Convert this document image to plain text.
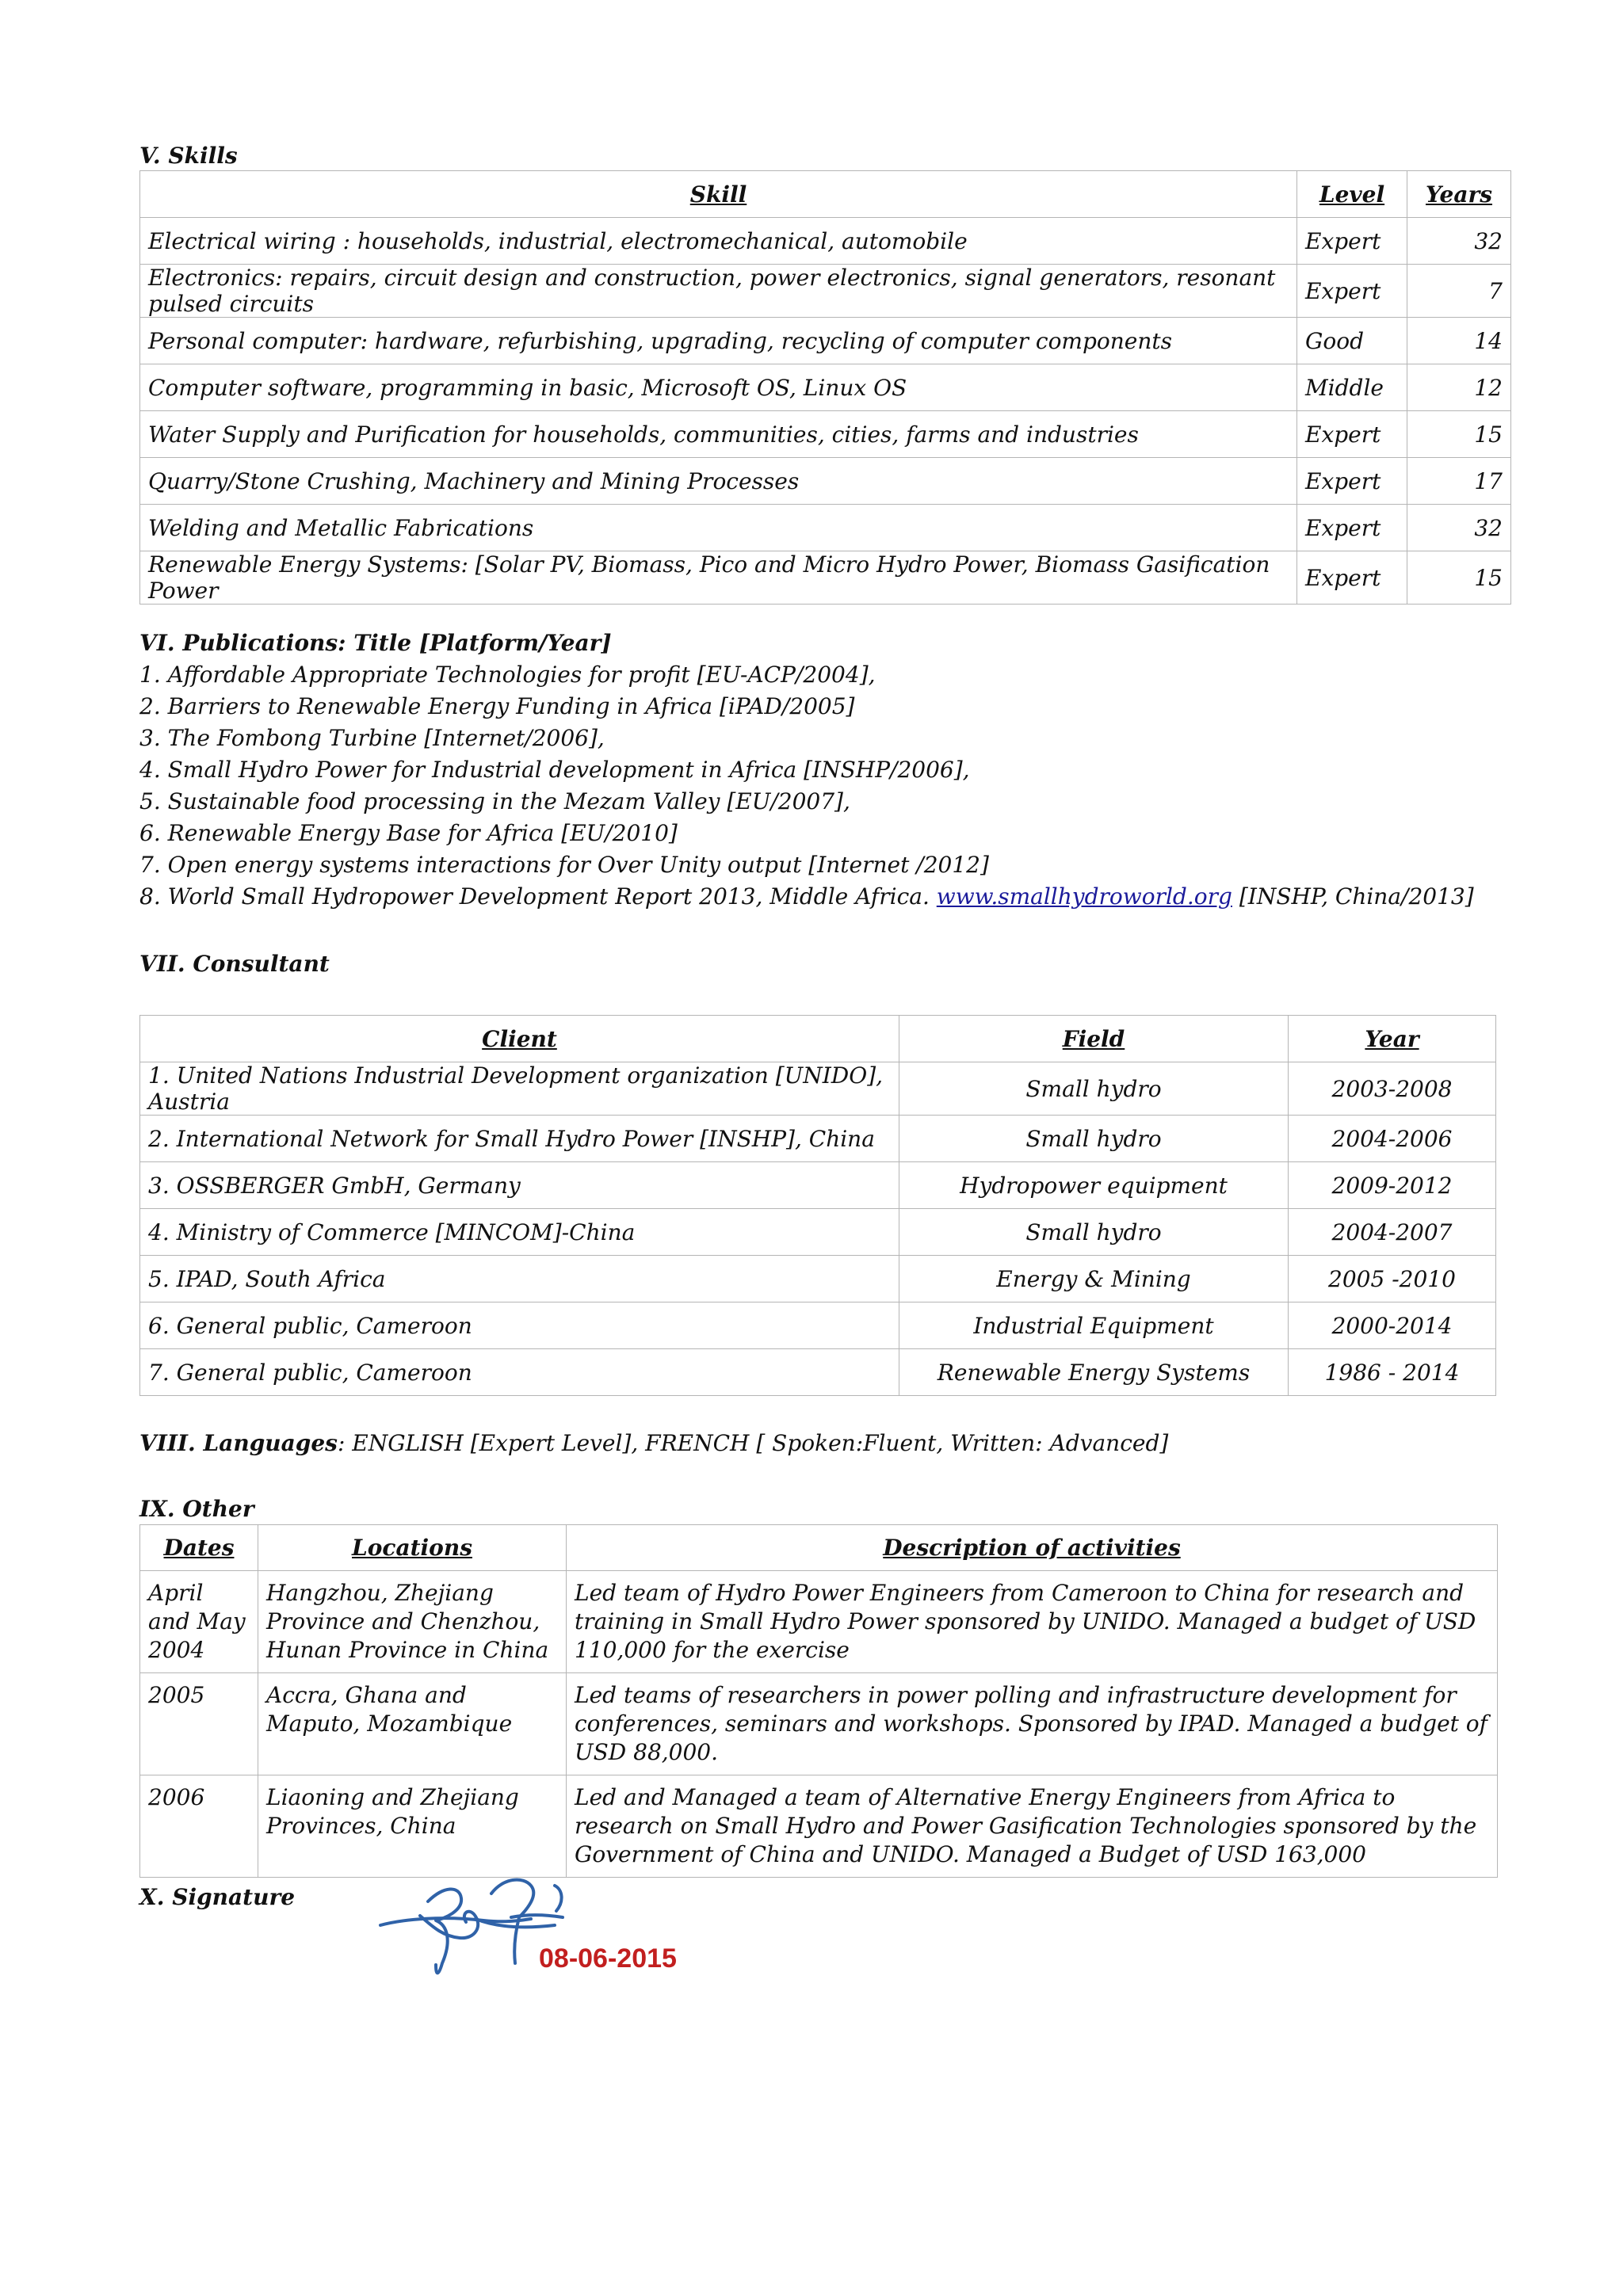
V. Skills
Skill	Level	Years
Electrical wiring : households, industrial, electromechanical, automobile	Expert	32
Electronics: repairs, circuit design and construction, power electronics, signal generators, resonant pulsed circuits	Expert	7
Personal computer: hardware, refurbishing, upgrading, recycling of computer components	Good	14
Computer software, programming in basic, Microsoft OS, Linux OS	Middle	12
Water Supply and Purification for households, communities, cities, farms and industries	Expert	15
Quarry/Stone Crushing, Machinery and Mining Processes	Expert	17
Welding and Metallic Fabrications	Expert	32
Renewable Energy Systems: [Solar PV, Biomass, Pico and Micro Hydro Power, Biomass Gasification Power	Expert	15
VI. Publications: Title [Platform/Year]
1. Affordable Appropriate Technologies for profit [EU-ACP/2004],
2. Barriers to Renewable Energy Funding in Africa [iPAD/2005]
3. The Fombong Turbine [Internet/2006],
4. Small Hydro Power for Industrial development in Africa [INSHP/2006],
5. Sustainable food processing in the Mezam Valley [EU/2007],
6. Renewable Energy Base for Africa [EU/2010]
7. Open energy systems interactions for Over Unity output [Internet /2012]
8. World Small Hydropower Development Report 2013, Middle Africa. www.smallhydroworld.org [INSHP, China/2013]
VII. Consultant
Client	Field	Year
1. United Nations Industrial Development organization [UNIDO], Austria	Small hydro	2003-2008
2. International Network for Small Hydro Power [INSHP], China	Small hydro	2004-2006
3. OSSBERGER GmbH, Germany	Hydropower equipment	2009-2012
4. Ministry of Commerce [MINCOM]-China	Small hydro	2004-2007
5. IPAD, South Africa	Energy & Mining	2005 -2010
6. General public, Cameroon	Industrial Equipment	2000-2014
7. General public, Cameroon	Renewable Energy Systems	1986 - 2014

VIII. Languages: ENGLISH [Expert Level], FRENCH [ Spoken:Fluent, Written: Advanced]

IX. Other
Dates	Locations	Description of activities
April and May 2004	Hangzhou, Zhejiang Province and Chenzhou, Hunan Province in China	Led team of Hydro Power Engineers from Cameroon to China for research and training in Small Hydro Power sponsored by UNIDO. Managed a budget of USD 110,000 for the exercise
2005	Accra, Ghana and Maputo, Mozambique	Led teams of researchers in power polling and infrastructure development for conferences, seminars and workshops. Sponsored by IPAD. Managed a budget of USD 88,000.
2006	Liaoning and Zhejiang Provinces, China	Led and Managed a team of Alternative Energy Engineers from Africa to research on Small Hydro and Power Gasification Technologies sponsored by the Government of China and UNIDO. Managed a Budget of USD 163,000
X. Signature
08-06-2015
